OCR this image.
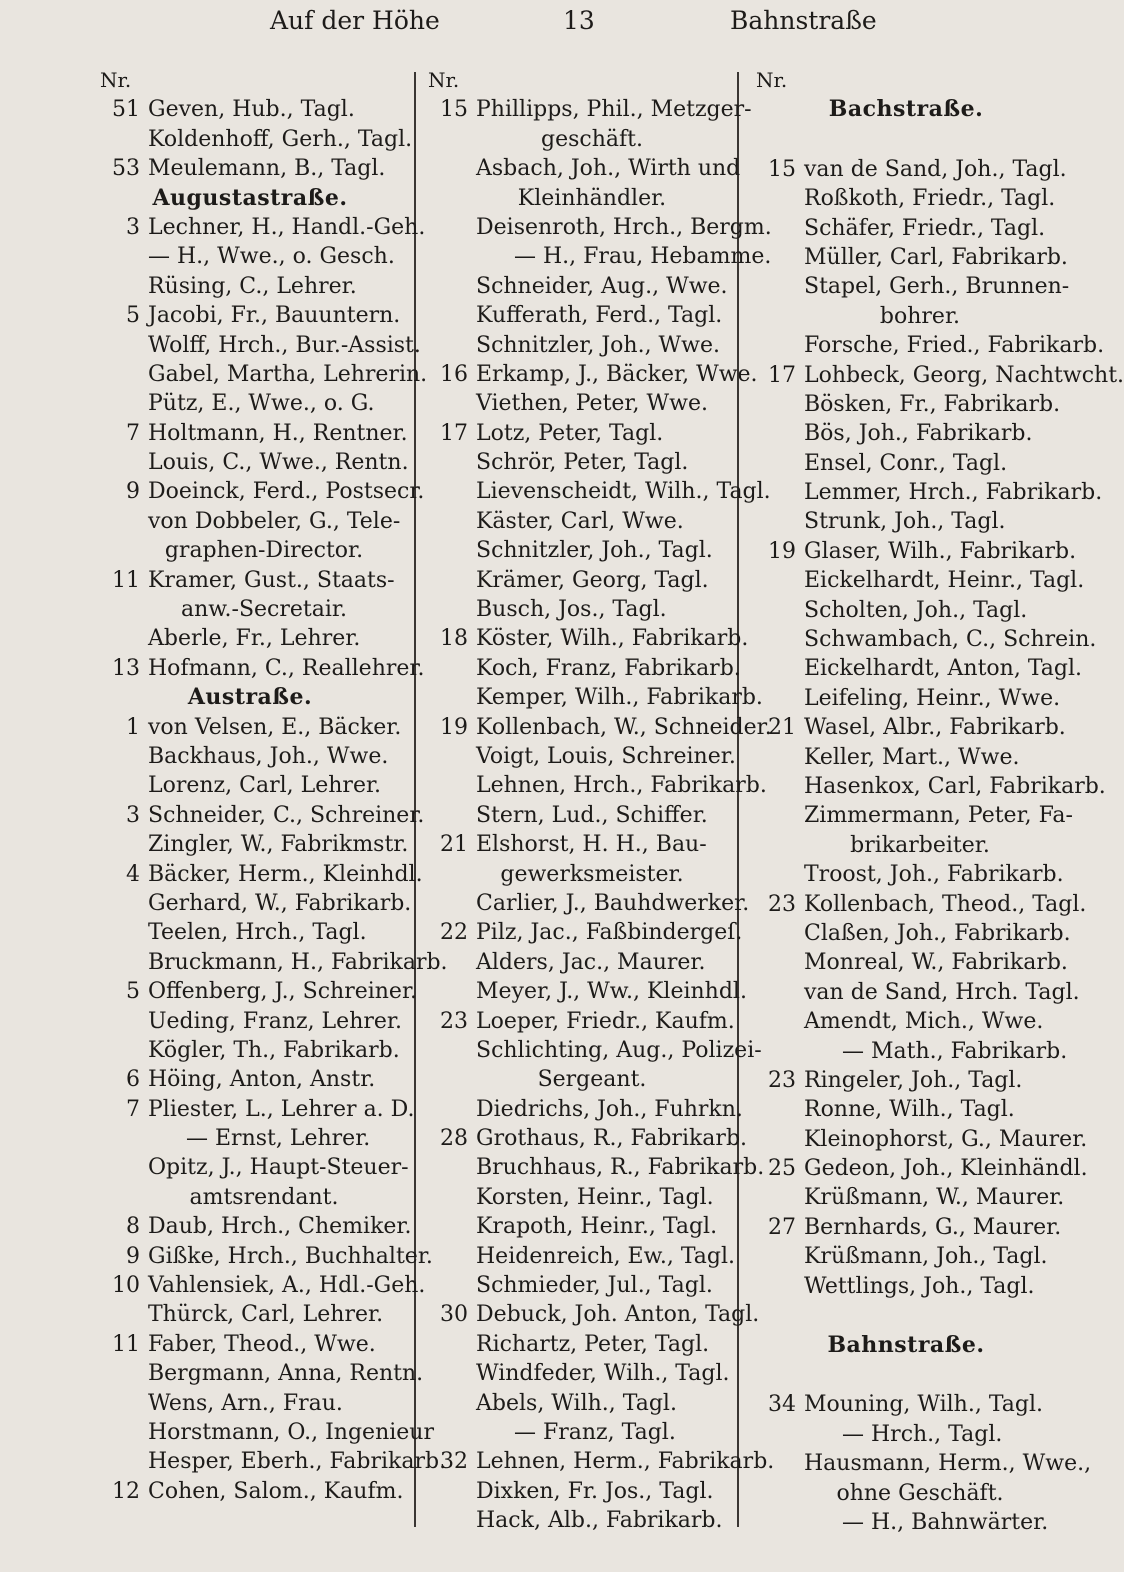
Auf der Höhe	13	Bahnstraße
Nr.
51 Geven, Hub., Tagl.
Koldenhoff, Gerh., Tagl.
53 Meulemann, B., Tagl.
Augustastraße.
3 Lechner, H., Handl.-Geh.
— H., Wwe., o. Gesch.
Rüsing, C., Lehrer.
5 Jacobi, Fr., Bauuntern.
Wolff, Hrch., Bur.-Assist.
Gabel, Martha, Lehrerin.
Pütz, E., Wwe., o. G.
7 Holtmann, H., Rentner.
Louis, C., Wwe., Rentn.
9 Doeinck, Ferd., Postsecr.
von Dobbeler, G., Tele-
graphen-Director.
11 Kramer, Gust., Staats-
anw.-Secretair.
Aberle, Fr., Lehrer.
13 Hofmann, C., Reallehrer.
Austraße.
1 von Velsen, E., Bäcker.
Backhaus, Joh., Wwe.
Lorenz, Carl, Lehrer.
3 Schneider, C., Schreiner.
Zingler, W., Fabrikmstr.
4 Bäcker, Herm., Kleinhdl.
Gerhard, W., Fabrikarb.
Teelen, Hrch., Tagl.
Bruckmann, H., Fabrikarb.
5 Offenberg, J., Schreiner.
Ueding, Franz, Lehrer.
Kögler, Th., Fabrikarb.
6 Höing, Anton, Anstr.
7 Pliester, L., Lehrer a. D.
— Ernst, Lehrer.
Opitz, J., Haupt-Steuer-
amtsrendant.
8 Daub, Hrch., Chemiker.
9 Gißke, Hrch., Buchhalter.
10 Vahlensiek, A., Hdl.-Geh.
Thürck, Carl, Lehrer.
11 Faber, Theod., Wwe.
Bergmann, Anna, Rentn.
Wens, Arn., Frau.
Horstmann, O., Ingenieur
Hesper, Eberh., Fabrikarb.
12 Cohen, Salom., Kaufm.
Nr.
15 Phillipps, Phil., Metzger-
geschäft.
Asbach, Joh., Wirth und
Kleinhändler.
Deisenroth, Hrch., Bergm.
— H., Frau, Hebamme.
Schneider, Aug., Wwe.
Kufferath, Ferd., Tagl.
Schnitzler, Joh., Wwe.
16 Erkamp, J., Bäcker, Wwe.
Viethen, Peter, Wwe.
17 Lotz, Peter, Tagl.
Schrör, Peter, Tagl.
Lievenscheidt, Wilh., Tagl.
Käster, Carl, Wwe.
Schnitzler, Joh., Tagl.
Krämer, Georg, Tagl.
Busch, Jos., Tagl.
18 Köster, Wilh., Fabrikarb.
Koch, Franz, Fabrikarb.
Kemper, Wilh., Fabrikarb.
19 Kollenbach, W., Schneider.
Voigt, Louis, Schreiner.
Lehnen, Hrch., Fabrikarb.
Stern, Lud., Schiffer.
21 Elshorst, H. H., Bau-
gewerksmeister.
Carlier, J., Bauhdwerker.
22 Pilz, Jac., Faßbindergeſ.
Alders, Jac., Maurer.
Meyer, J., Ww., Kleinhdl.
23 Loeper, Friedr., Kaufm.
Schlichting, Aug., Polizei-
Sergeant.
Diedrichs, Joh., Fuhrkn.
28 Grothaus, R., Fabrikarb.
Bruchhaus, R., Fabrikarb.
Korsten, Heinr., Tagl.
Krapoth, Heinr., Tagl.
Heidenreich, Ew., Tagl.
Schmieder, Jul., Tagl.
30 Debuck, Joh. Anton, Tagl.
Richartz, Peter, Tagl.
Windfeder, Wilh., Tagl.
Abels, Wilh., Tagl.
— Franz, Tagl.
32 Lehnen, Herm., Fabrikarb.
Dixken, Fr. Jos., Tagl.
Hack, Alb., Fabrikarb.
Nr.
Bachstraße.
15 van de Sand, Joh., Tagl.
Roßkoth, Friedr., Tagl.
Schäfer, Friedr., Tagl.
Müller, Carl, Fabrikarb.
Stapel, Gerh., Brunnen-
bohrer.
Forsche, Fried., Fabrikarb.
17 Lohbeck, Georg, Nachtwcht.
Bösken, Fr., Fabrikarb.
Bös, Joh., Fabrikarb.
Ensel, Conr., Tagl.
Lemmer, Hrch., Fabrikarb.
Strunk, Joh., Tagl.
19 Glaser, Wilh., Fabrikarb.
Eickelhardt, Heinr., Tagl.
Scholten, Joh., Tagl.
Schwambach, C., Schrein.
Eickelhardt, Anton, Tagl.
Leifeling, Heinr., Wwe.
21 Wasel, Albr., Fabrikarb.
Keller, Mart., Wwe.
Hasenkox, Carl, Fabrikarb.
Zimmermann, Peter, Fa-
brikarbeiter.
Troost, Joh., Fabrikarb.
23 Kollenbach, Theod., Tagl.
Claßen, Joh., Fabrikarb.
Monreal, W., Fabrikarb.
van de Sand, Hrch. Tagl.
Amendt, Mich., Wwe.
— Math., Fabrikarb.
23 Ringeler, Joh., Tagl.
Ronne, Wilh., Tagl.
Kleinophorst, G., Maurer.
25 Gedeon, Joh., Kleinhändl.
Krüßmann, W., Maurer.
27 Bernhards, G., Maurer.
Krüßmann, Joh., Tagl.
Wettlings, Joh., Tagl.
Bahnstraße.
34 Mouning, Wilh., Tagl.
— Hrch., Tagl.
Hausmann, Herm., Wwe.,
ohne Geschäft.
— H., Bahnwärter.
